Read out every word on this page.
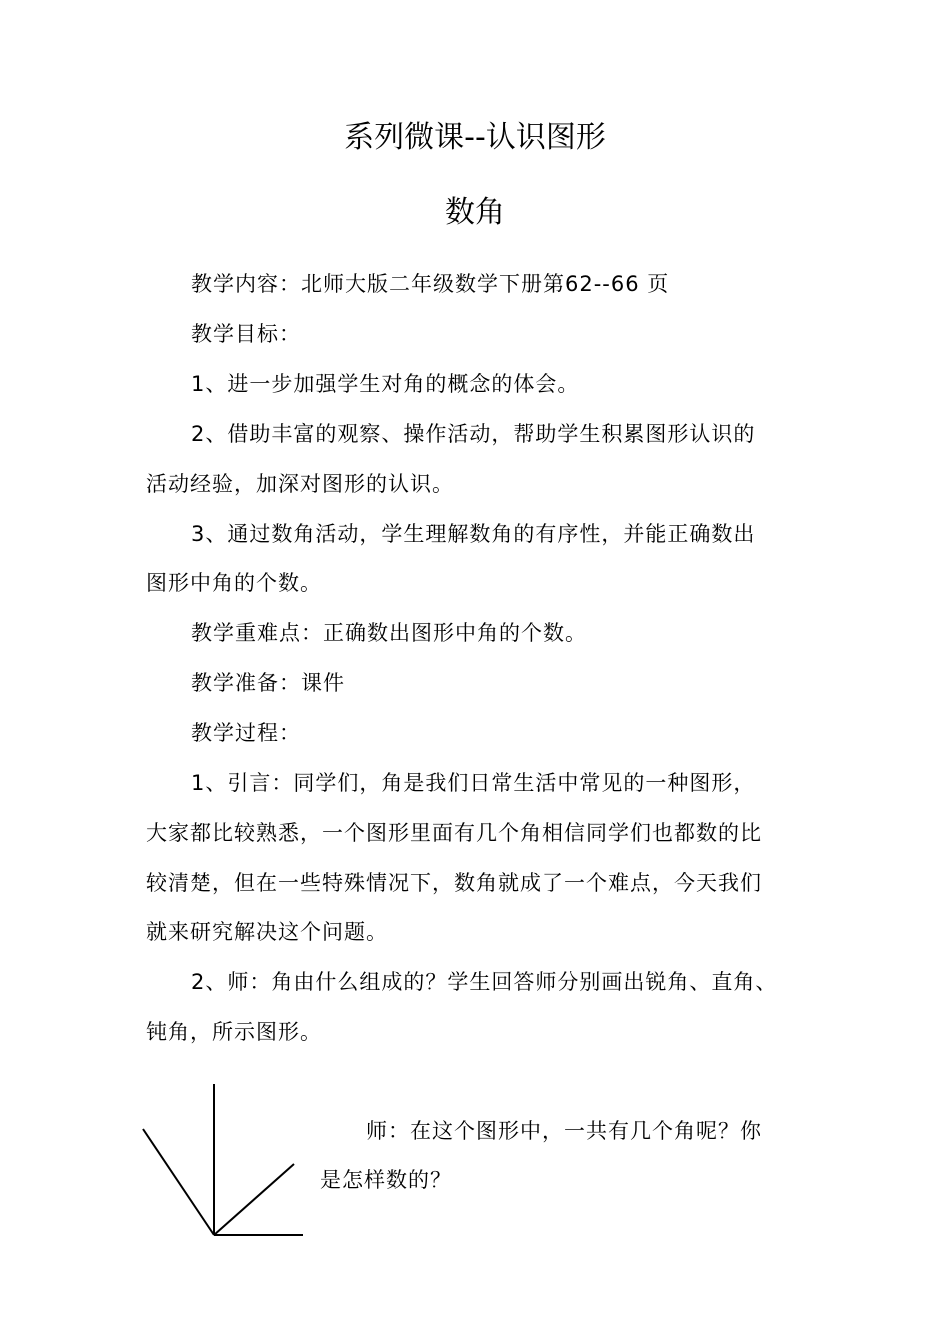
系列微课--认识图形
数角
教学内容：北师大版二年级数学下册第62--66 页
教学目标：
1、进一步加强学生对角的概念的体会。
2、借助丰富的观察、操作活动，帮助学生积累图形认识的
活动经验，加深对图形的认识。
3、通过数角活动，学生理解数角的有序性，并能正确数出
图形中角的个数。
教学重难点：正确数出图形中角的个数。
教学准备：课件
教学过程：
1、引言：同学们，角是我们日常生活中常见的一种图形，
大家都比较熟悉，一个图形里面有几个角相信同学们也都数的比
较清楚，但在一些特殊情况下，数角就成了一个难点，今天我们
就来研究解决这个问题。
2、师：角由什么组成的？学生回答师分别画出锐角、直角、
钝角，所示图形。
师：在这个图形中，一共有几个角呢？你
是怎样数的？
